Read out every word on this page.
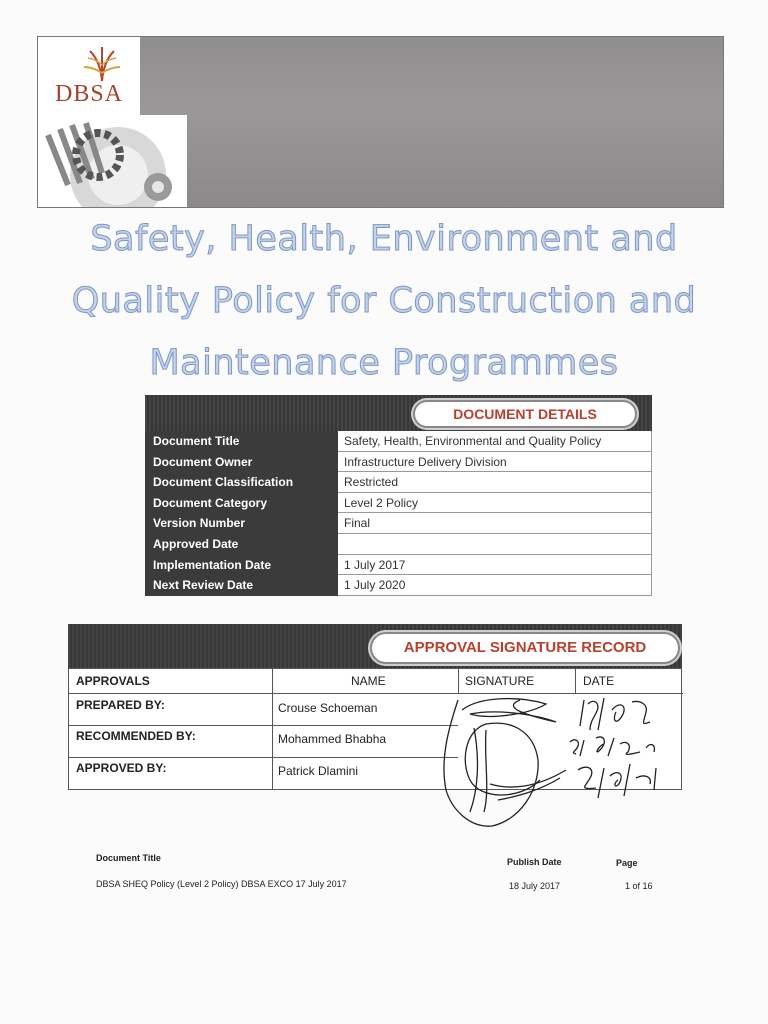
DBSA
Safety, Health, Environment and
Quality Policy for Construction and
Maintenance Programmes
DOCUMENT DETAILS
Document Title	Safety, Health, Environmental and Quality Policy
Document Owner	Infrastructure Delivery Division
Document Classification	Restricted
Document Category	Level 2 Policy
Version Number	Final
Approved Date
Implementation Date	1 July 2017
Next Review Date	1 July 2020
APPROVAL SIGNATURE RECORD
APPROVALS	NAME	SIGNATURE	DATE
PREPARED BY:	Crouse Schoeman
RECOMMENDED BY:	Mohammed Bhabha
APPROVED BY:	Patrick Dlamini
Document Title
DBSA SHEQ Policy (Level 2 Policy) DBSA EXCO 17 July 2017
Publish Date
18 July 2017
Page
1 of 16
